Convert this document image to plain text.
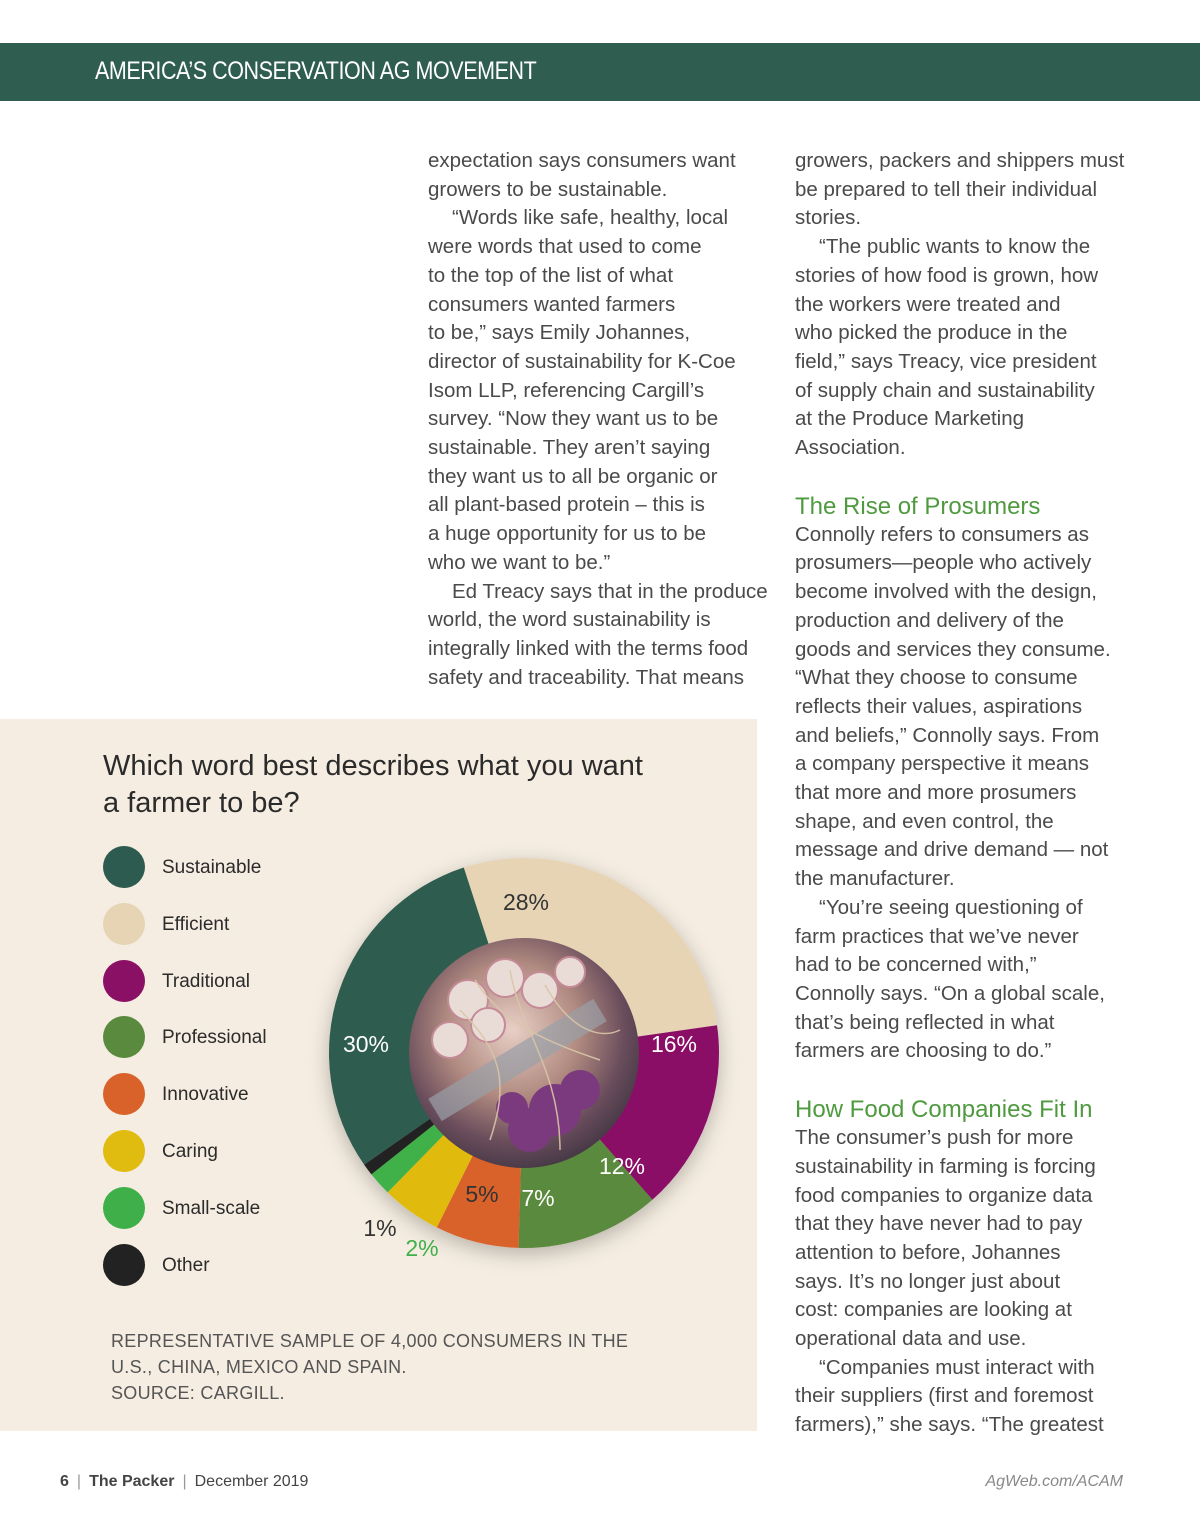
AMERICA’S CONSERVATION AG MOVEMENT

expectation says consumers want

growers to be sustainable.

“Words like safe, healthy, local

were words that used to come

to the top of the list of what

consumers wanted farmers

to be,” says Emily Johannes,

director of sustainability for K-Coe

Isom LLP, referencing Cargill’s

survey. “Now they want us to be

sustainable. They aren’t saying

they want us to all be organic or

all plant-based protein – this is

a huge opportunity for us to be

who we want to be.”

Ed Treacy says that in the produce

world, the word sustainability is

integrally linked with the terms food

safety and traceability. That means

growers, packers and shippers must

be prepared to tell their individual

stories.

“The public wants to know the

stories of how food is grown, how

the workers were treated and

who picked the produce in the

field,” says Treacy, vice president

of supply chain and sustainability

at the Produce Marketing

Association.

The Rise of Prosumers

Connolly refers to consumers as

prosumers—people who actively

become involved with the design,

production and delivery of the

goods and services they consume.

“What they choose to consume

reflects their values, aspirations

and beliefs,” Connolly says. From

a company perspective it means

that more and more prosumers

shape, and even control, the

message and drive demand — not

the manufacturer.

“You’re seeing questioning of

farm practices that we’ve never

had to be concerned with,”

Connolly says. “On a global scale,

that’s being reflected in what

farmers are choosing to do.”

How Food Companies Fit In

The consumer’s push for more

sustainability in farming is forcing

food companies to organize data

that they have never had to pay

attention to before, Johannes

says. It’s no longer just about

cost: companies are looking at

operational data and use.

“Companies must interact with

their suppliers (first and foremost

farmers),” she says. “The greatest

Which word best describes what you want a farmer to be?
Sustainable
Efficient
Traditional
Professional
Innovative
Caring
Small-scale
Other
28%
16%
12%
7%
5%
2%
1%
30%

REPRESENTATIVE SAMPLE OF 4,000 CONSUMERS IN THE

U.S., CHINA, MEXICO AND SPAIN.

SOURCE: CARGILL.

6 | The Packer | December 2019	AgWeb.com/ACAM
